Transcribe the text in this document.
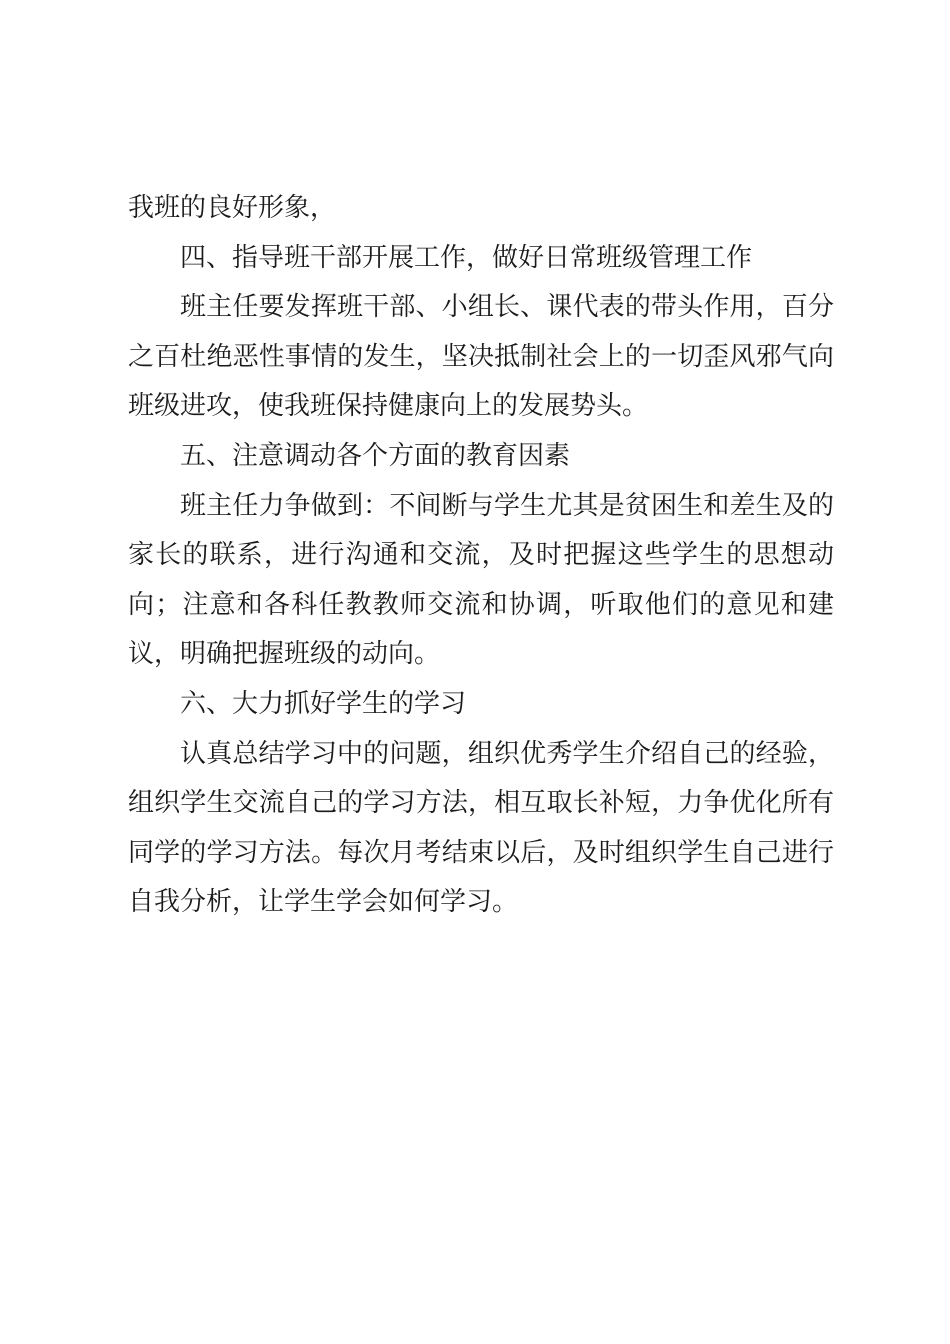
我班的良好形象，

四、指导班干部开展工作，做好日常班级管理工作

班主任要发挥班干部、小组长、课代表的带头作用，百分之百杜绝恶性事情的发生，坚决抵制社会上的一切歪风邪气向班级进攻，使我班保持健康向上的发展势头。

五、注意调动各个方面的教育因素

班主任力争做到：不间断与学生尤其是贫困生和差生及的家长的联系，进行沟通和交流，及时把握这些学生的思想动向；注意和各科任教教师交流和协调，听取他们的意见和建议，明确把握班级的动向。

六、大力抓好学生的学习

认真总结学习中的问题，组织优秀学生介绍自己的经验，组织学生交流自己的学习方法，相互取长补短，力争优化所有同学的学习方法。每次月考结束以后，及时组织学生自己进行自我分析，让学生学会如何学习。
